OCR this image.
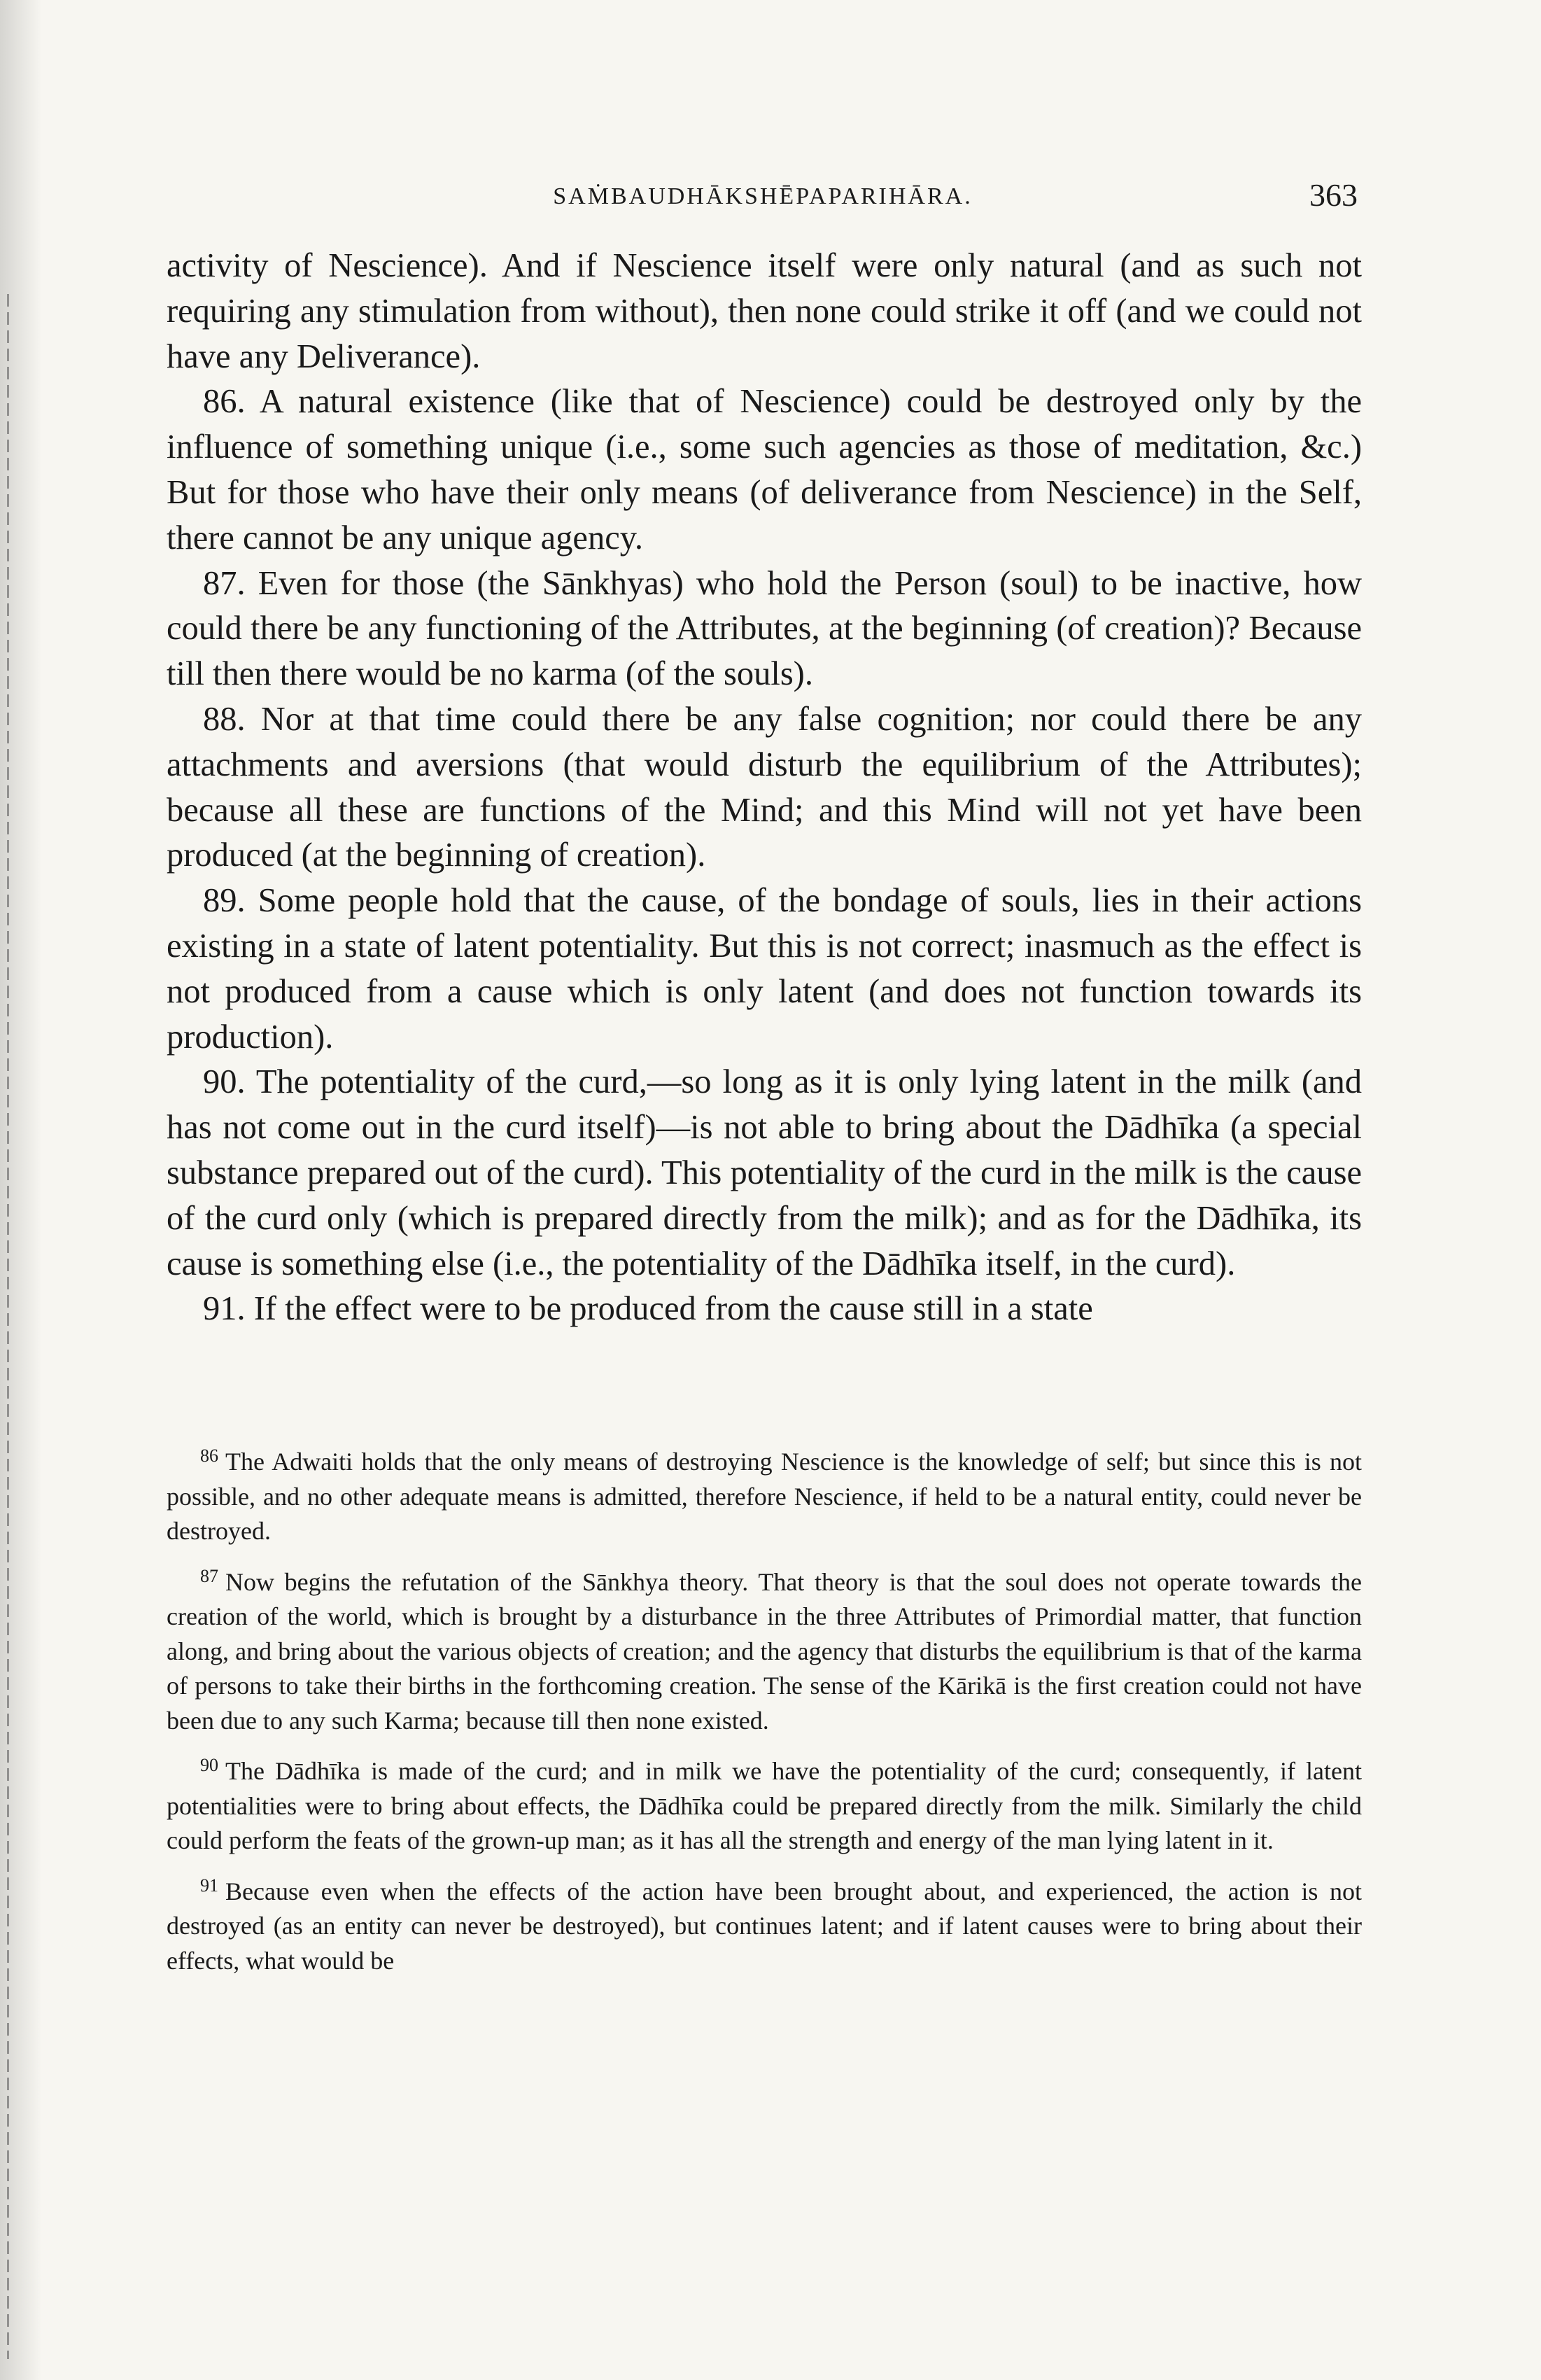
SAṀBAUDHĀKSHĒPAPARIHĀRA.	363

activity of Nescience). And if Nescience itself were only natural (and as such not requiring any stimulation from without), then none could strike it off (and we could not have any Deliverance).

86. A natural existence (like that of Nescience) could be destroyed only by the influence of something unique (i.e., some such agencies as those of meditation, &c.) But for those who have their only means (of deliverance from Nescience) in the Self, there cannot be any unique agency.

87. Even for those (the Sānkhyas) who hold the Person (soul) to be inactive, how could there be any functioning of the Attributes, at the beginning (of creation)? Because till then there would be no karma (of the souls).

88. Nor at that time could there be any false cognition; nor could there be any attachments and aversions (that would disturb the equilibrium of the Attributes); because all these are functions of the Mind; and this Mind will not yet have been produced (at the beginning of creation).

89. Some people hold that the cause, of the bondage of souls, lies in their actions existing in a state of latent potentiality. But this is not correct; inasmuch as the effect is not produced from a cause which is only latent (and does not function towards its production).

90. The potentiality of the curd,—so long as it is only lying latent in the milk (and has not come out in the curd itself)—is not able to bring about the Dādhīka (a special substance prepared out of the curd). This potentiality of the curd in the milk is the cause of the curd only (which is prepared directly from the milk); and as for the Dādhīka, its cause is something else (i.e., the potentiality of the Dādhīka itself, in the curd).

91. If the effect were to be produced from the cause still in a state

$^{86}$ The Adwaiti holds that the only means of destroying Nescience is the knowledge of self; but since this is not possible, and no other adequate means is admitted, therefore Nescience, if held to be a natural entity, could never be destroyed.

$^{87}$ Now begins the refutation of the Sānkhya theory. That theory is that the soul does not operate towards the creation of the world, which is brought by a disturbance in the three Attributes of Primordial matter, that function along, and bring about the various objects of creation; and the agency that disturbs the equilibrium is that of the karma of persons to take their births in the forthcoming creation. The sense of the Kārikā is the first creation could not have been due to any such Karma; because till then none existed.

$^{90}$ The Dādhīka is made of the curd; and in milk we have the potentiality of the curd; consequently, if latent potentialities were to bring about effects, the Dādhīka could be prepared directly from the milk. Similarly the child could perform the feats of the grown-up man; as it has all the strength and energy of the man lying latent in it.

$^{91}$ Because even when the effects of the action have been brought about, and experienced, the action is not destroyed (as an entity can never be destroyed), but continues latent; and if latent causes were to bring about their effects, what would be
